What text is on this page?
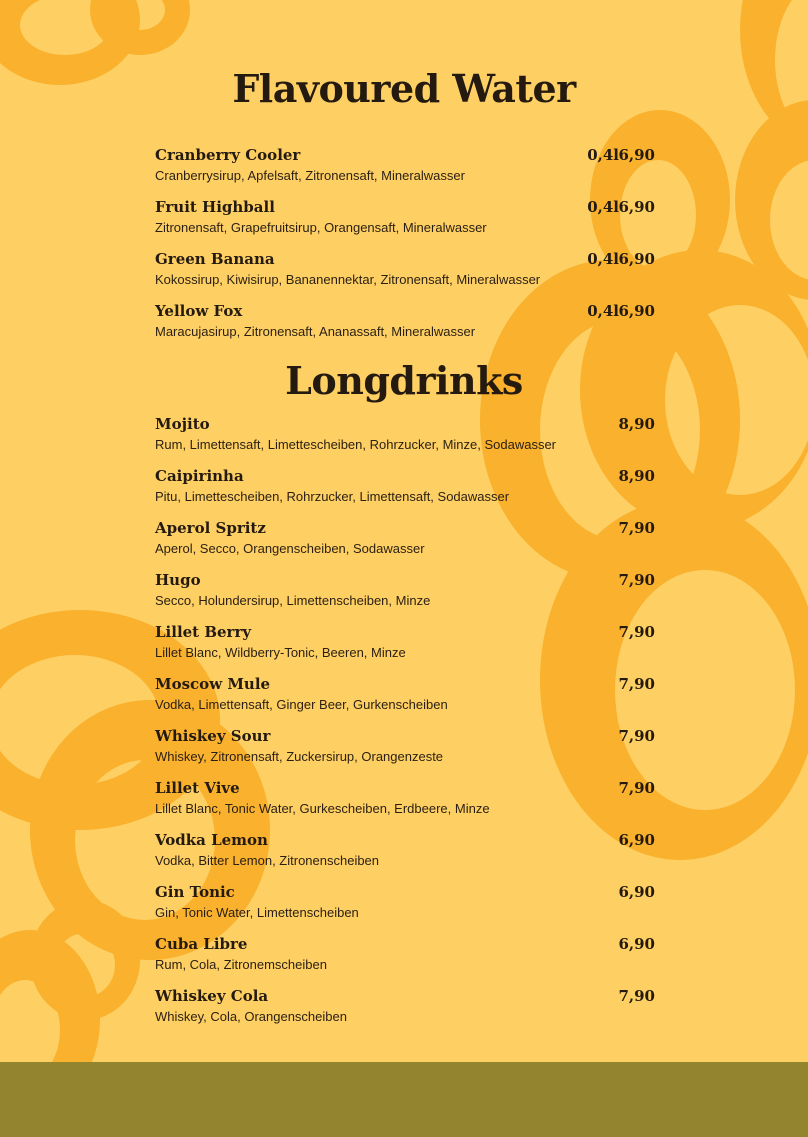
Flavoured Water
Cranberry Cooler	0,4l 6,90
Cranberrysirup, Apfelsaft, Zitronensaft, Mineralwasser
Fruit Highball	0,4l 6,90
Zitronensaft, Grapefruitsirup, Orangensaft, Mineralwasser
Green Banana	0,4l 6,90
Kokossirup, Kiwisirup, Bananennektar, Zitronensaft, Mineralwasser
Yellow Fox	0,4l 6,90
Maracujasirup, Zitronensaft, Ananassaft, Mineralwasser
Longdrinks
Mojito	8,90
Rum, Limettensaft, Limettescheiben, Rohrzucker, Minze, Sodawasser
Caipirinha	8,90
Pitu, Limettescheiben, Rohrzucker, Limettensaft, Sodawasser
Aperol Spritz	7,90
Aperol, Secco, Orangenscheiben, Sodawasser
Hugo	7,90
Secco, Holundersirup, Limettenscheiben, Minze
Lillet Berry	7,90
Lillet Blanc, Wildberry-Tonic, Beeren, Minze
Moscow Mule	7,90
Vodka, Limettensaft, Ginger Beer, Gurkenscheiben
Whiskey Sour	7,90
Whiskey, Zitronensaft, Zuckersirup, Orangenzeste
Lillet Vive	7,90
Lillet Blanc, Tonic Water, Gurkescheiben, Erdbeere, Minze
Vodka Lemon	6,90
Vodka, Bitter Lemon, Zitronenscheiben
Gin Tonic	6,90
Gin, Tonic Water, Limettenscheiben
Cuba Libre	6,90
Rum, Cola, Zitronemscheiben
Whiskey Cola	7,90
Whiskey, Cola, Orangenscheiben
